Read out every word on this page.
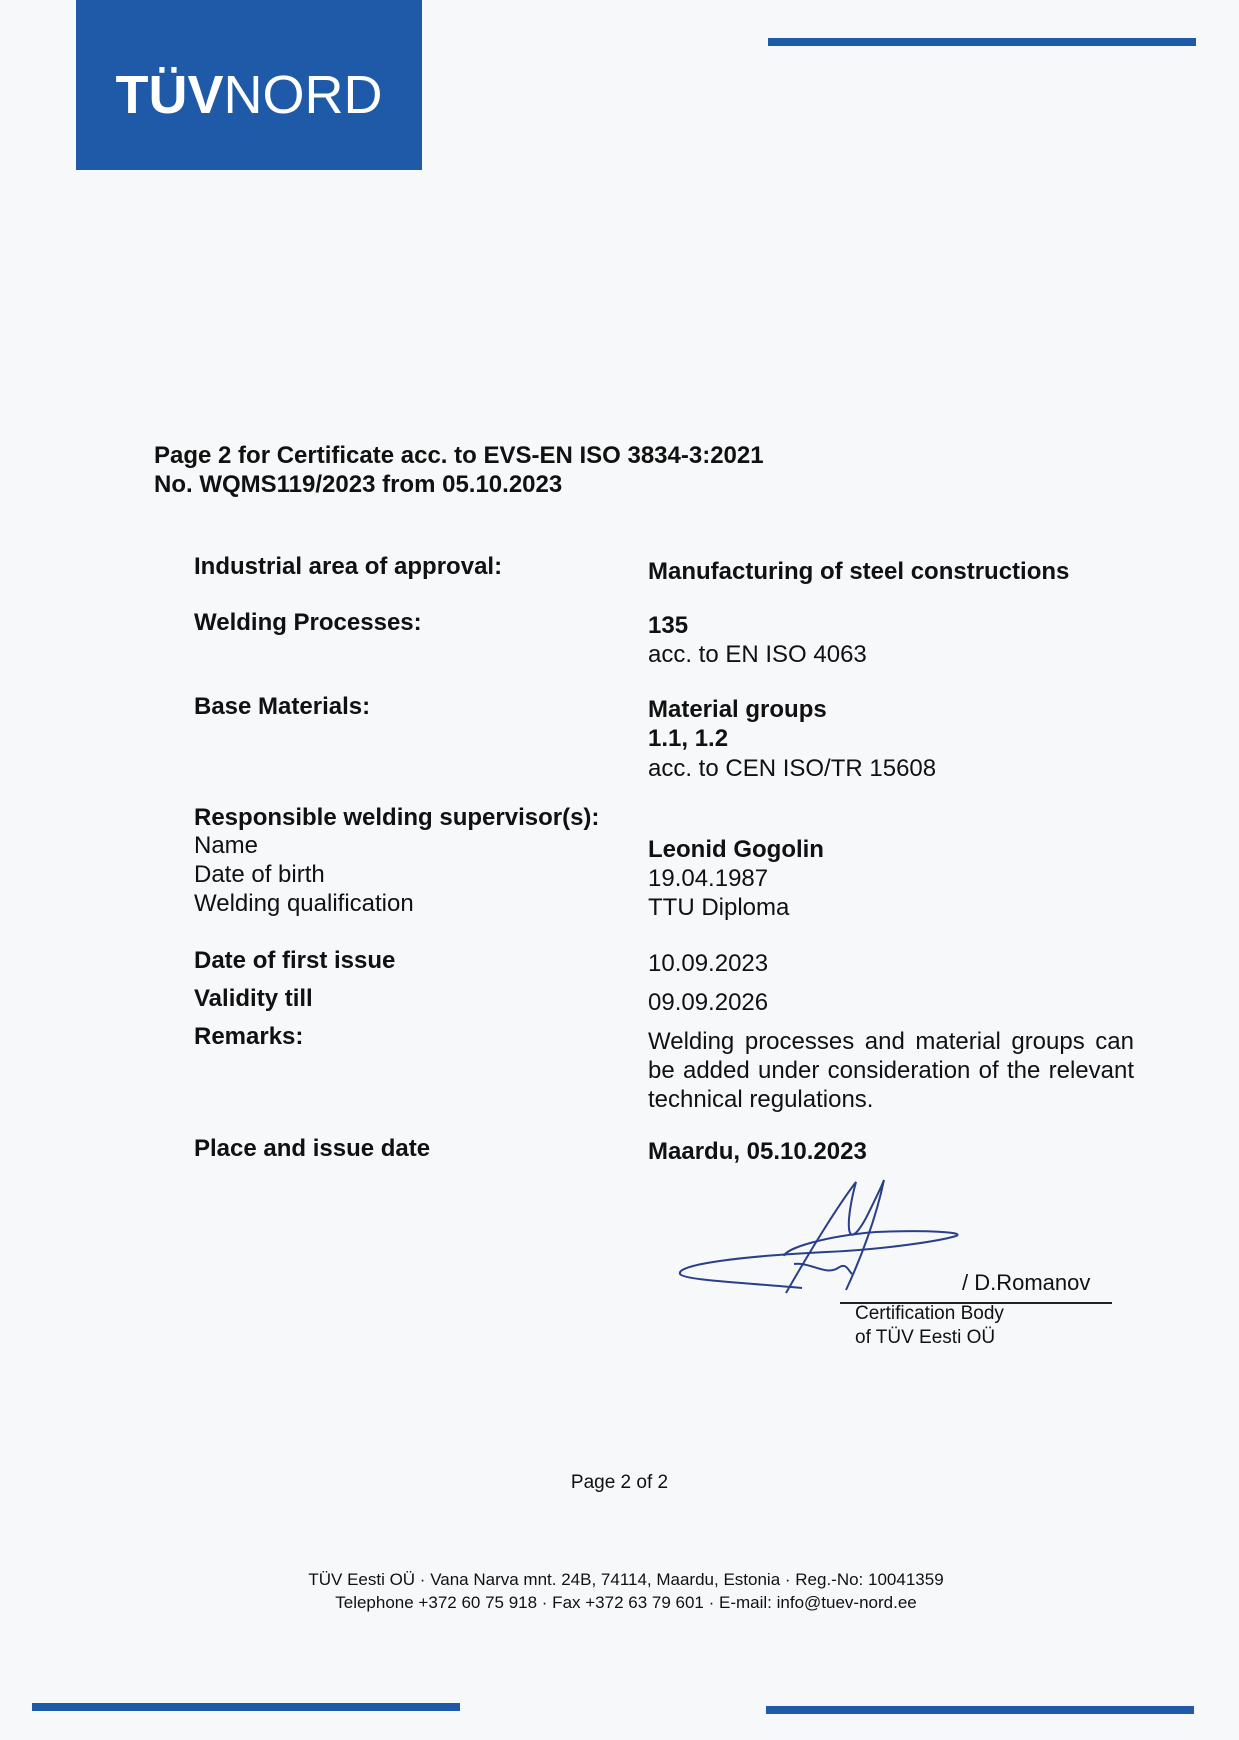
TÜVNORD
Page 2 for Certificate acc. to EVS-EN ISO 3834-3:2021
No. WQMS119/2023 from 05.10.2023
Industrial area of approval:	Manufacturing of steel constructions
Welding Processes:	135
acc. to EN ISO 4063
Base Materials:	Material groups
1.1, 1.2
acc. to CEN ISO/TR 15608
Responsible welding supervisor(s):
Name	Leonid Gogolin
Date of birth	19.04.1987
Welding qualification	TTU Diploma
Date of first issue	10.09.2023
Validity till	09.09.2026
Remarks:	Welding processes and material groups can be added under consideration of the relevant technical regulations.
Place and issue date	Maardu, 05.10.2023
/ D.Romanov
Certification Body
of TÜV Eesti OÜ
Page 2 of 2
TÜV Eesti OÜ · Vana Narva mnt. 24B, 74114, Maardu, Estonia · Reg.-No: 10041359
Telephone +372 60 75 918 · Fax +372 63 79 601 · E-mail: info@tuev-nord.ee
